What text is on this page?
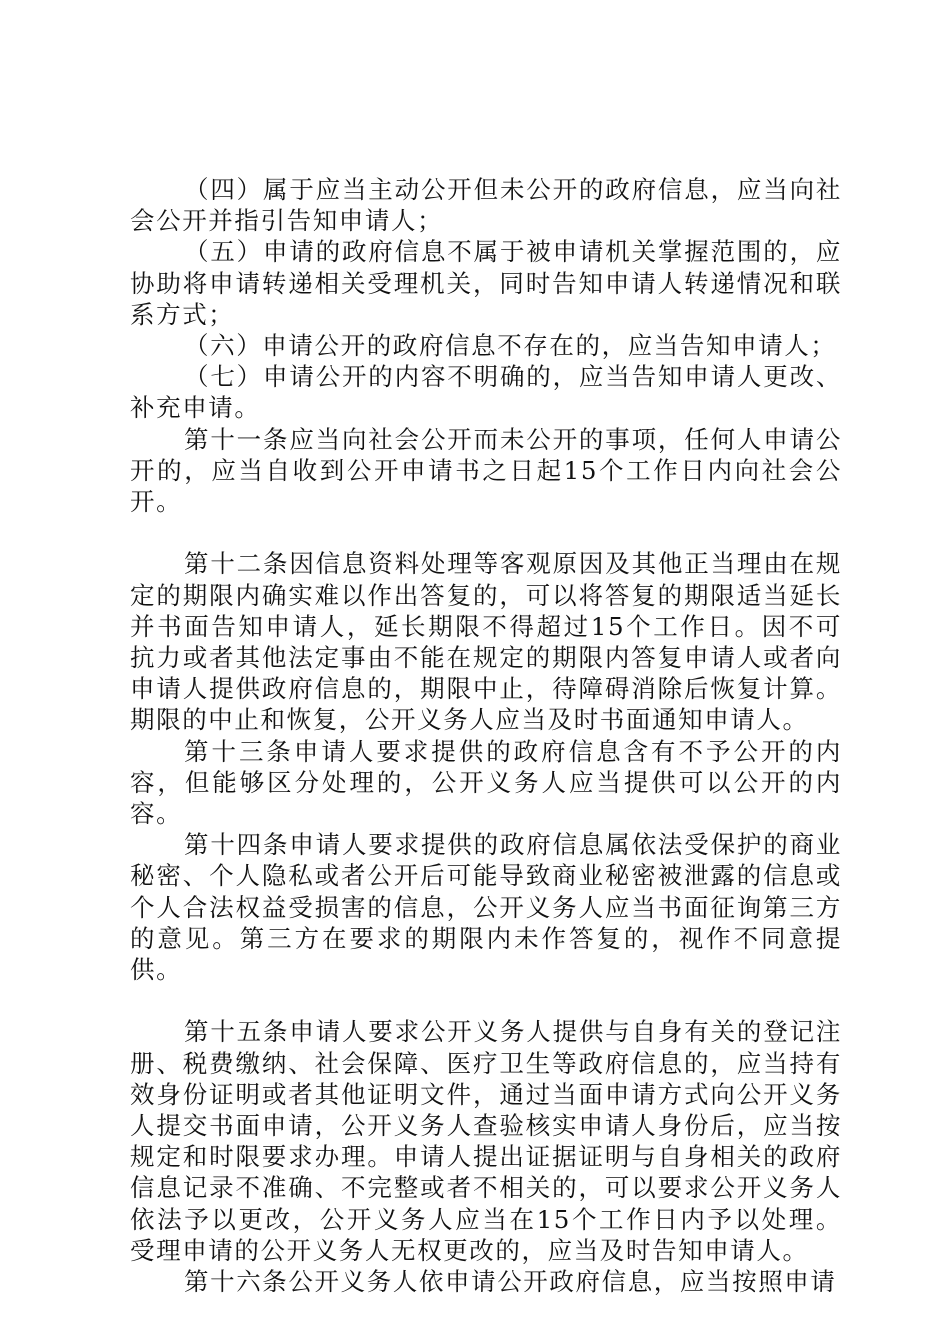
（四）属于应当主动公开但未公开的政府信息，应当向社会公开并指引告知申请人；

（五）申请的政府信息不属于被申请机关掌握范围的，应协助将申请转递相关受理机关，同时告知申请人转递情况和联系方式；

（六）申请公开的政府信息不存在的，应当告知申请人；

（七）申请公开的内容不明确的，应当告知申请人更改、补充申请。

第十一条应当向社会公开而未公开的事项，任何人申请公开的，应当自收到公开申请书之日起15个工作日内向社会公开。

第十二条因信息资料处理等客观原因及其他正当理由在规定的期限内确实难以作出答复的，可以将答复的期限适当延长并书面告知申请人，延长期限不得超过15个工作日。因不可抗力或者其他法定事由不能在规定的期限内答复申请人或者向申请人提供政府信息的，期限中止，待障碍消除后恢复计算。期限的中止和恢复，公开义务人应当及时书面通知申请人。

第十三条申请人要求提供的政府信息含有不予公开的内容，但能够区分处理的，公开义务人应当提供可以公开的内容。

第十四条申请人要求提供的政府信息属依法受保护的商业秘密、个人隐私或者公开后可能导致商业秘密被泄露的信息或个人合法权益受损害的信息，公开义务人应当书面征询第三方的意见。第三方在要求的期限内未作答复的，视作不同意提供。

第十五条申请人要求公开义务人提供与自身有关的登记注册、税费缴纳、社会保障、医疗卫生等政府信息的，应当持有效身份证明或者其他证明文件，通过当面申请方式向公开义务人提交书面申请，公开义务人查验核实申请人身份后，应当按规定和时限要求办理。申请人提出证据证明与自身相关的政府信息记录不准确、不完整或者不相关的，可以要求公开义务人依法予以更改，公开义务人应当在15个工作日内予以处理。受理申请的公开义务人无权更改的，应当及时告知申请人。

第十六条公开义务人依申请公开政府信息，应当按照申请
